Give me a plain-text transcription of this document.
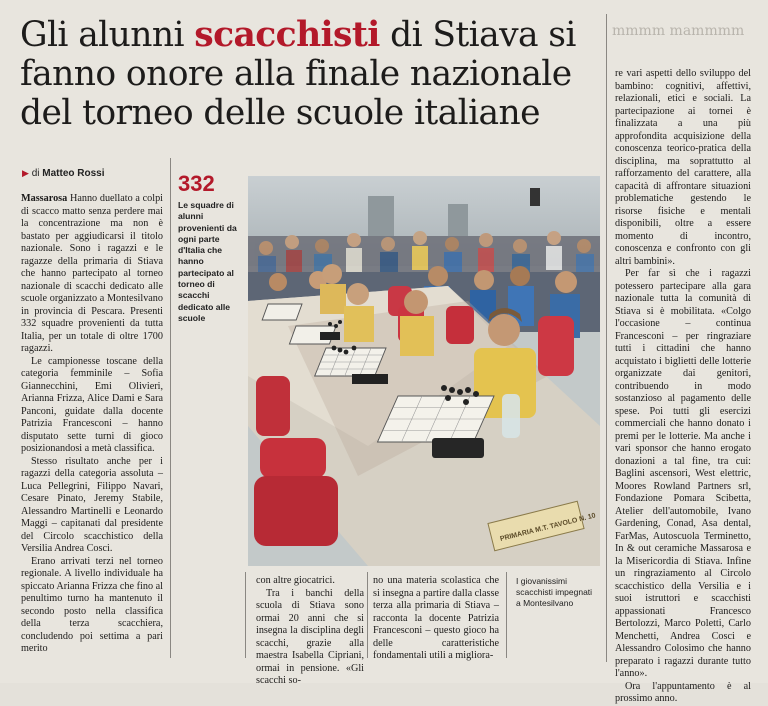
mmmm mammmm
Gli alunni scacchisti di Stiava si fanno onore alla finale nazionale del torneo delle scuole italiane
▶ di Matteo Rossi

Massarosa Hanno duellato a colpi di scacco matto senza perdere mai la concentrazione ma non è bastato per aggiudicarsi il titolo nazionale. Sono i ragazzi e le ragazze della primaria di Stiava che hanno partecipato al torneo nazionale di scacchi dedicato alle scuole organizzato a Montesilvano in provincia di Pescara. Presenti 332 squadre provenienti da tutta Italia, per un totale di oltre 1700 ragazzi.

Le campionesse toscane della categoria femminile – Sofia Giannecchini, Emi Olivieri, Arianna Frizza, Alice Dami e Sara Panconi, guidate dalla docente Patrizia Francesconi – hanno disputato sette turni di gioco posizionandosi a metà classifica.

Stesso risultato anche per i ragazzi della categoria assoluta – Luca Pellegrini, Filippo Navari, Cesare Pinato, Jeremy Stabile, Alessandro Martinelli e Leonardo Maggi – capitanati dal presidente del Circolo scacchistico della Versilia Andrea Cosci.

Erano arrivati terzi nel torneo regionale. A livello individuale ha spiccato Arianna Frizza che fino al penultimo turno ha mantenuto il secondo posto nella classifica della terza scacchiera, concludendo poi settima a pari merito

332
Le squadre di alunni provenienti da ogni parte d'Italia che hanno partecipato al torneo di scacchi dedicato alle scuole
PRIMARIA M.T. TAVOLO N. 10

con altre giocatrici.

Tra i banchi della scuola di Stiava sono ormai 20 anni che si insegna la disciplina degli scacchi, grazie alla maestra Isabella Cipriani, ormai in pensione. «Gli scacchi so-

no una materia scolastica che si insegna a partire dalla classe terza alla primaria di Stiava – racconta la docente Patrizia Francesconi – questo gioco ha delle caratteristiche fondamentali utili a migliora-

I giovanissimi scacchisti impegnati a Montesilvano

re vari aspetti dello sviluppo del bambino: cognitivi, affettivi, relazionali, etici e sociali. La partecipazione ai tornei è finalizzata a una più approfondita acquisizione della conoscenza teorico-pratica della disciplina, ma soprattutto al rafforzamento del carattere, alla capacità di affrontare situazioni problematiche gestendo le risorse fisiche e mentali disponibili, oltre a essere momento di incontro, conoscenza e confronto con gli altri bambini».

Per far sì che i ragazzi potessero partecipare alla gara nazionale tutta la comunità di Stiava si è mobilitata. «Colgo l'occasione – continua Francesconi – per ringraziare tutti i cittadini che hanno acquistato i biglietti delle lotterie organizzate dai genitori, contribuendo in modo sostanzioso al pagamento delle spese. Poi tutti gli esercizi commerciali che hanno donato i premi per le lotterie. Ma anche i vari sponsor che hanno erogato donazioni a tal fine, tra cui: Baglini ascensori, West elettric, Moores Rowland Partners srl, Fondazione Pomara Scibetta, Atelier dell'automobile, Ivano Gardening, Conad, Asa dental, FarMas, Autoscuola Terminetto, In & out ceramiche Massarosa e la Misericordia di Stiava. Infine un ringraziamento al Circolo scacchistico della Versilia e i suoi istruttori e scacchisti appassionati Francesco Bertolozzi, Marco Poletti, Carlo Menchetti, Andrea Cosci e Alessandro Colosimo che hanno preparato i ragazzi durante tutto l'anno».

Ora l'appuntamento è al prossimo anno.
